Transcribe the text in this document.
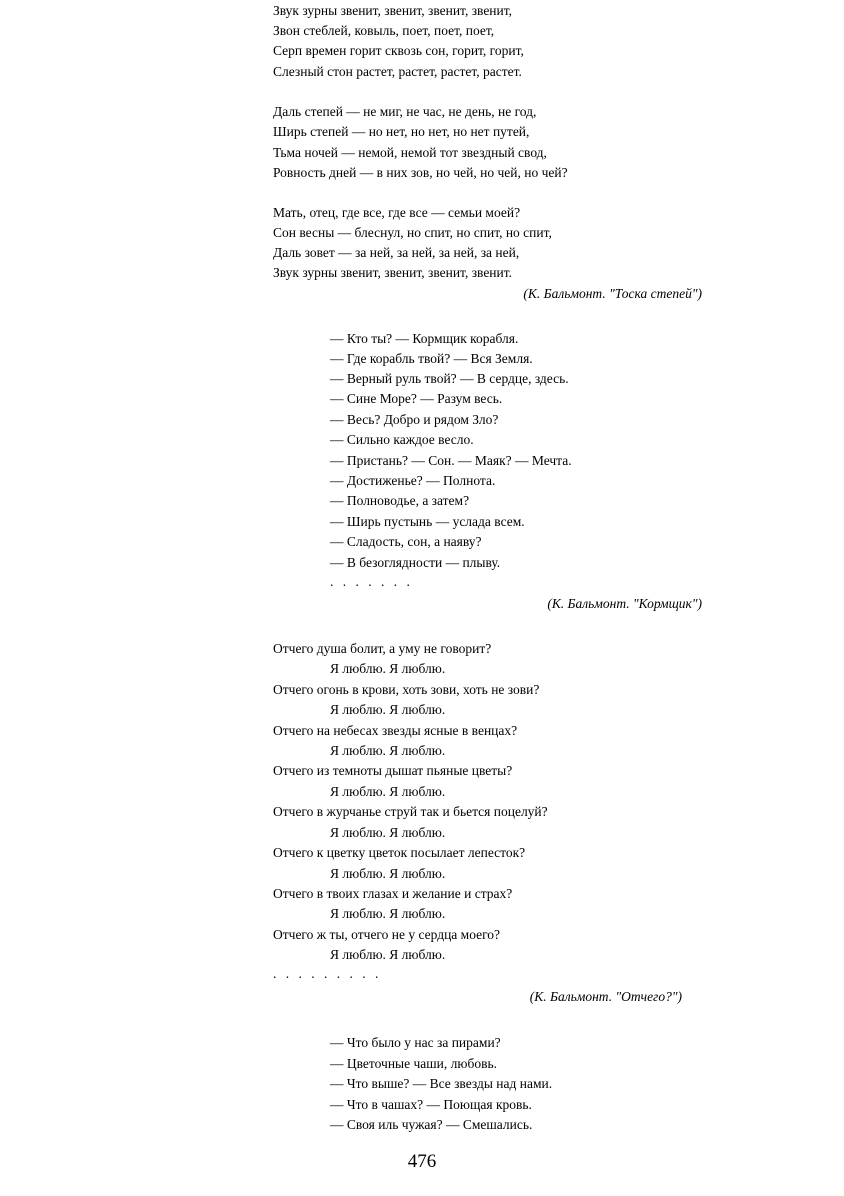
Звук зурны звенит, звенит, звенит, звенит,
Звон стеблей, ковыль, поет, поет, поет,
Серп времен горит сквозь сон, горит, горит,
Слезный стон растет, растет, растет, растет.
Даль степей — не миг, не час, не день, не год,
Ширь степей — но нет, но нет, но нет путей,
Тьма ночей — немой, немой тот звездный свод,
Ровность дней — в них зов, но чей, но чей, но чей?
Мать, отец, где все, где все — семьи моей?
Сон весны — блеснул, но спит, но спит, но спит,
Даль зовет — за ней, за ней, за ней, за ней,
Звук зурны звенит, звенит, звенит, звенит.
(К. Бальмонт. "Тоска степей")
— Кто ты? — Кормщик корабля.
— Где корабль твой? — Вся Земля.
— Верный руль твой? — В сердце, здесь.
— Сине Море? — Разум весь.
— Весь? Добро и рядом Зло?
— Сильно каждое весло.
— Пристань? — Сон. — Маяк? — Мечта.
— Достиженье? — Полнота.
— Полноводье, а затем?
— Ширь пустынь — услада всем.
— Сладость, сон, а наяву?
— В безоглядности — плыву.
. . . . . . .
(К. Бальмонт. "Кормщик")
Отчего душа болит, а уму не говорит?
Я люблю. Я люблю.
Отчего огонь в крови, хоть зови, хоть не зови?
Я люблю. Я люблю.
Отчего на небесах звезды ясные в венцах?
Я люблю. Я люблю.
Отчего из темноты дышат пьяные цветы?
Я люблю. Я люблю.
Отчего в журчанье струй так и бьется поцелуй?
Я люблю. Я люблю.
Отчего к цветку цветок посылает лепесток?
Я люблю. Я люблю.
Отчего в твоих глазах и желание и страх?
Я люблю. Я люблю.
Отчего ж ты, отчего не у сердца моего?
Я люблю. Я люблю.
. . . . . . . . .
(К. Бальмонт. "Отчего?")
— Что было у нас за пирами?
— Цветочные чаши, любовь.
— Что выше? — Все звезды над нами.
— Что в чашах? — Поющая кровь.
— Своя иль чужая? — Смешались.
476
